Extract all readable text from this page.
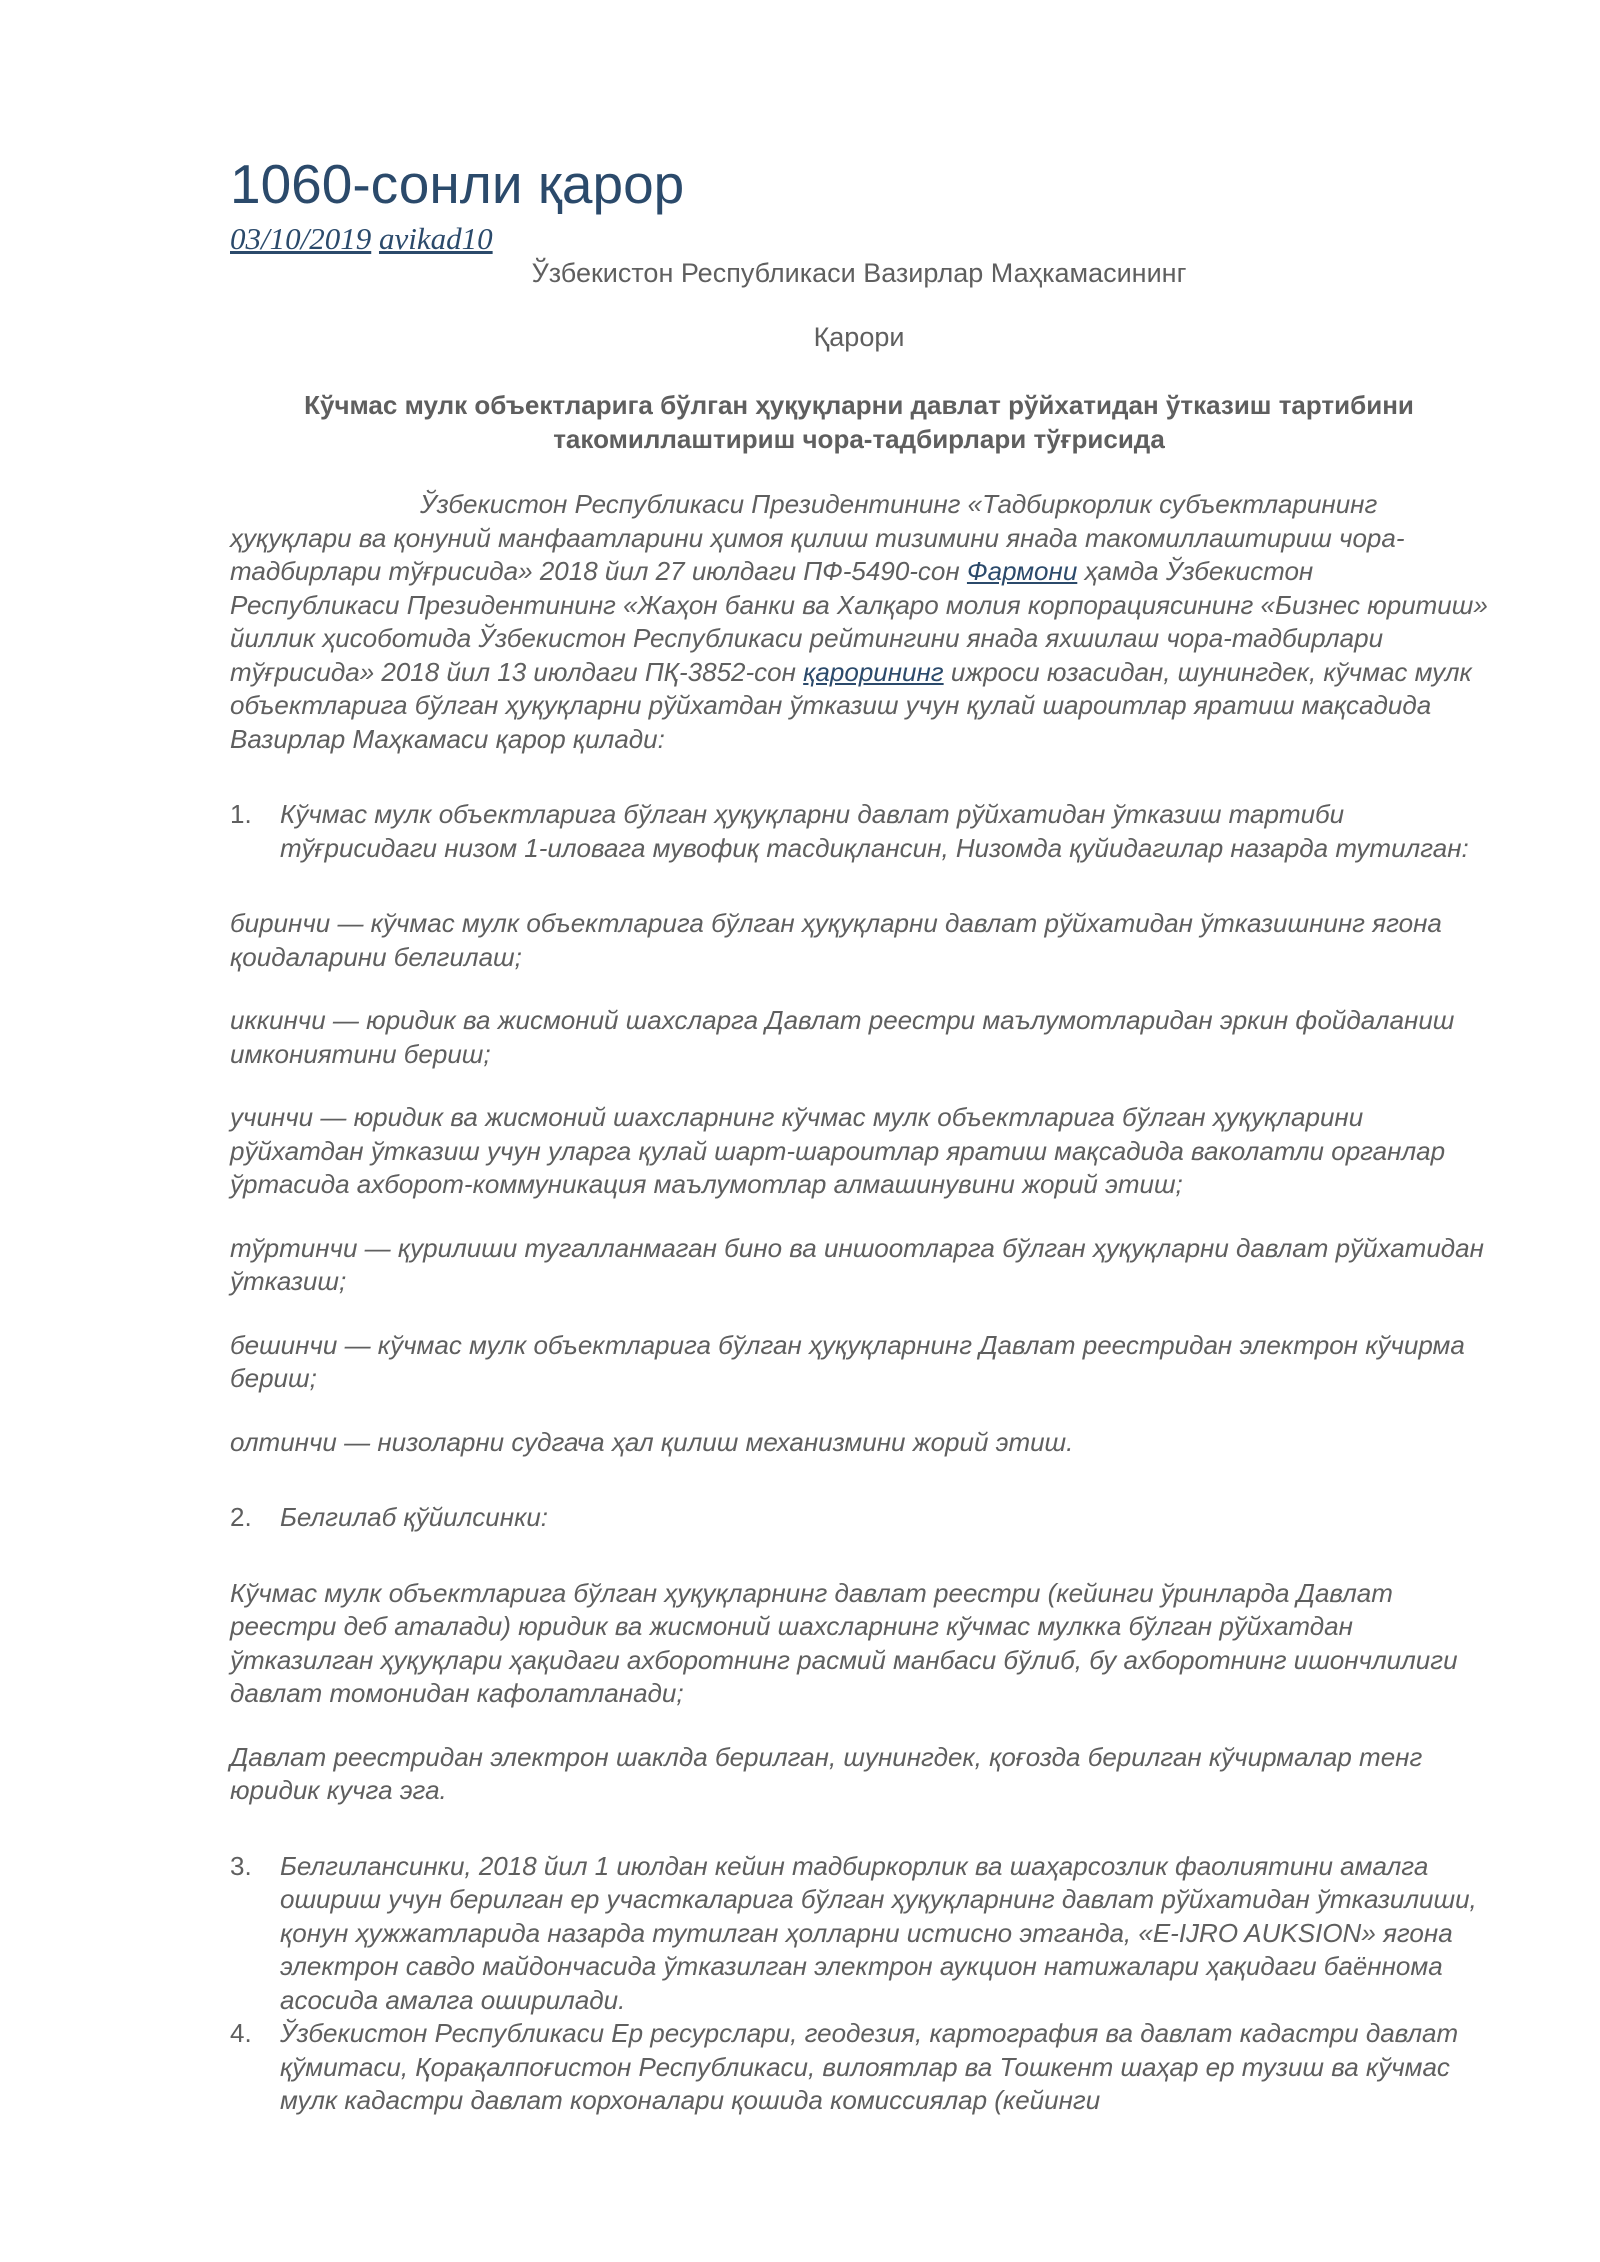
1060-сонли қарор
03/10/2019 avikad10
Ўзбекистон Республикаси Вазирлар Маҳкамасининг
Қарори
Кўчмас мулк объектларига бўлган ҳуқуқларни давлат рўйхатидан ўтказиш тартибини такомиллаштириш чора-тадбирлари тўғрисида

Ўзбекистон Республикаси Президентининг «Тадбиркорлик субъектларининг ҳуқуқлари ва қонуний манфаатларини ҳимоя қилиш тизимини янада такомиллаштириш чора-тадбирлари тўғрисида» 2018 йил 27 июлдаги ПФ-5490-сон Фармони ҳамда Ўзбекистон Республикаси Президентининг «Жаҳон банки ва Халқаро молия корпорациясининг «Бизнес юритиш» йиллик ҳисоботида Ўзбекистон Республикаси рейтингини янада яхшилаш чора-тадбирлари тўғрисида» 2018 йил 13 июлдаги ПҚ-3852-сон қарорининг ижроси юзасидан, шунингдек, кўчмас мулк объектларига бўлган ҳуқуқларни рўйхатдан ўтказиш учун қулай шароитлар яратиш мақсадида Вазирлар Маҳкамаси қарор қилади:

1.	Кўчмас мулк объектларига бўлган ҳуқуқларни давлат рўйхатидан ўтказиш тартиби тўғрисидаги низом 1-иловага мувофиқ тасдиқлансин, Низомда қуйидагилар назарда тутилган:
биринчи — кўчмас мулк объектларига бўлган ҳуқуқларни давлат рўйхатидан ўтказишнинг ягона қоидаларини белгилаш;
иккинчи — юридик ва жисмоний шахсларга Давлат реестри маълумотларидан эркин фойдаланиш имкониятини бериш;
учинчи — юридик ва жисмоний шахсларнинг кўчмас мулк объектларига бўлган ҳуқуқларини рўйхатдан ўтказиш учун уларга қулай шарт-шароитлар яратиш мақсадида ваколатли органлар ўртасида ахборот-коммуникация маълумотлар алмашинувини жорий этиш;
тўртинчи — қурилиши тугалланмаган бино ва иншоотларга бўлган ҳуқуқларни давлат рўйхатидан ўтказиш;
бешинчи — кўчмас мулк объектларига бўлган ҳуқуқларнинг Давлат реестридан электрон кўчирма бериш;
олтинчи — низоларни судгача ҳал қилиш механизмини жорий этиш.
2.	Белгилаб қўйилсинки:
Кўчмас мулк объектларига бўлган ҳуқуқларнинг давлат реестри (кейинги ўринларда Давлат реестри деб аталади) юридик ва жисмоний шахсларнинг кўчмас мулкка бўлган рўйхатдан ўтказилган ҳуқуқлари ҳақидаги ахборотнинг расмий манбаси бўлиб, бу ахборотнинг ишончлилиги давлат томонидан кафолатланади;
Давлат реестридан электрон шаклда берилган, шунингдек, қоғозда берилган кўчирмалар тенг юридик кучга эга.
3.	Белгилансинки, 2018 йил 1 июлдан кейин тадбиркорлик ва шаҳарсозлик фаолиятини амалга ошириш учун берилган ер участкаларига бўлган ҳуқуқларнинг давлат рўйхатидан ўтказилиши, қонун ҳужжатларида назарда тутилган ҳолларни истисно этганда, «E-IJRO AUKSION» ягона электрон савдо майдончасида ўтказилган электрон аукцион натижалари ҳақидаги баённома асосида амалга оширилади.
4.	Ўзбекистон Республикаси Ер ресурслари, геодезия, картография ва давлат кадастри давлат қўмитаси, Қорақалпоғистон Республикаси, вилоятлар ва Тошкент шаҳар ер тузиш ва кўчмас мулк кадастри давлат корхоналари қошида комиссиялар (кейинги
